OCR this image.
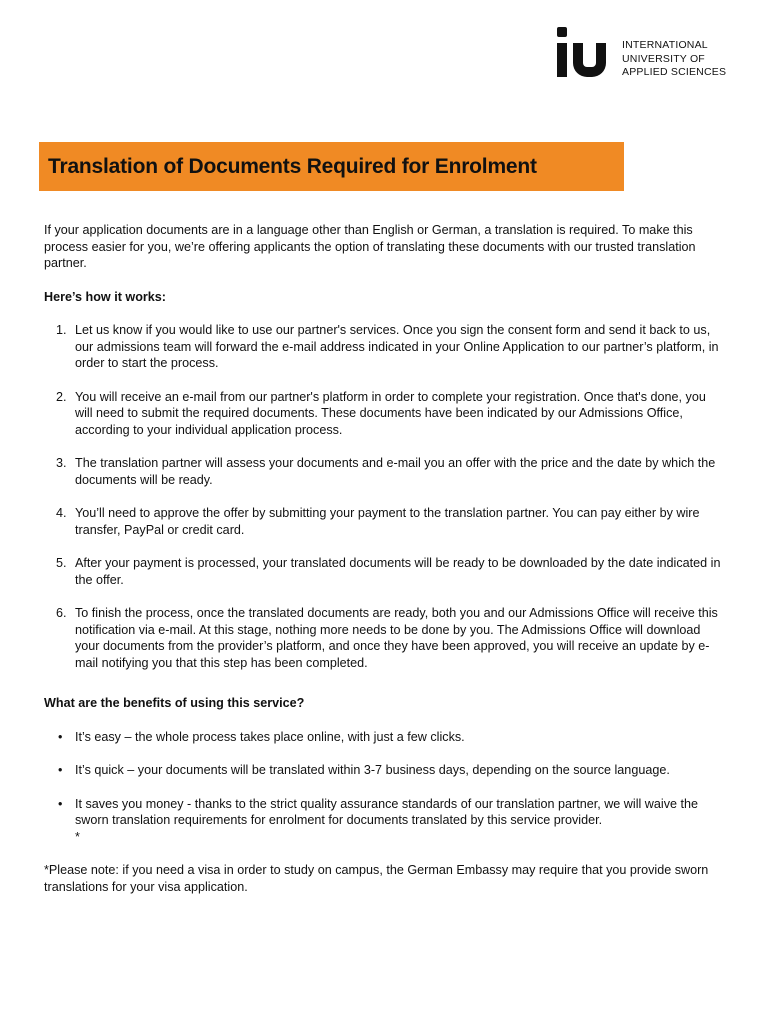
INTERNATIONAL
UNIVERSITY OF
APPLIED SCIENCES
Translation of Documents Required for Enrolment

If your application documents are in a language other than English or German, a translation is required. To make this process easier for you, we’re offering applicants the option of translating these documents with our trusted translation partner.

Here’s how it works:

1. Let us know if you would like to use our partner's services. Once you sign the consent form and send it back to us, our admissions team will forward the e-mail address indicated in your Online Application to our partner’s platform, in order to start the process.
2. You will receive an e-mail from our partner's platform in order to complete your registration. Once that's done, you will need to submit the required documents. These documents have been indicated by our Admissions Office, according to your individual application process.
3. The translation partner will assess your documents and e-mail you an offer with the price and the date by which the documents will be ready.
4. You’ll need to approve the offer by submitting your payment to the translation partner. You can pay either by wire transfer, PayPal or credit card.
5. After your payment is processed, your translated documents will be ready to be downloaded by the date indicated in the offer.
6. To finish the process, once the translated documents are ready, both you and our Admissions Office will receive this notification via e-mail. At this stage, nothing more needs to be done by you. The Admissions Office will download your documents from the provider’s platform, and once they have been approved, you will receive an update by e-mail notifying you that this step has been completed.

What are the benefits of using this service?

• It’s easy – the whole process takes place online, with just a few clicks.
• It’s quick – your documents will be translated within 3-7 business days, depending on the source language.
• It saves you money - thanks to the strict quality assurance standards of our translation partner, we will waive the sworn translation requirements for enrolment for documents translated by this service provider.
*

*Please note: if you need a visa in order to study on campus, the German Embassy may require that you provide sworn translations for your visa application.
